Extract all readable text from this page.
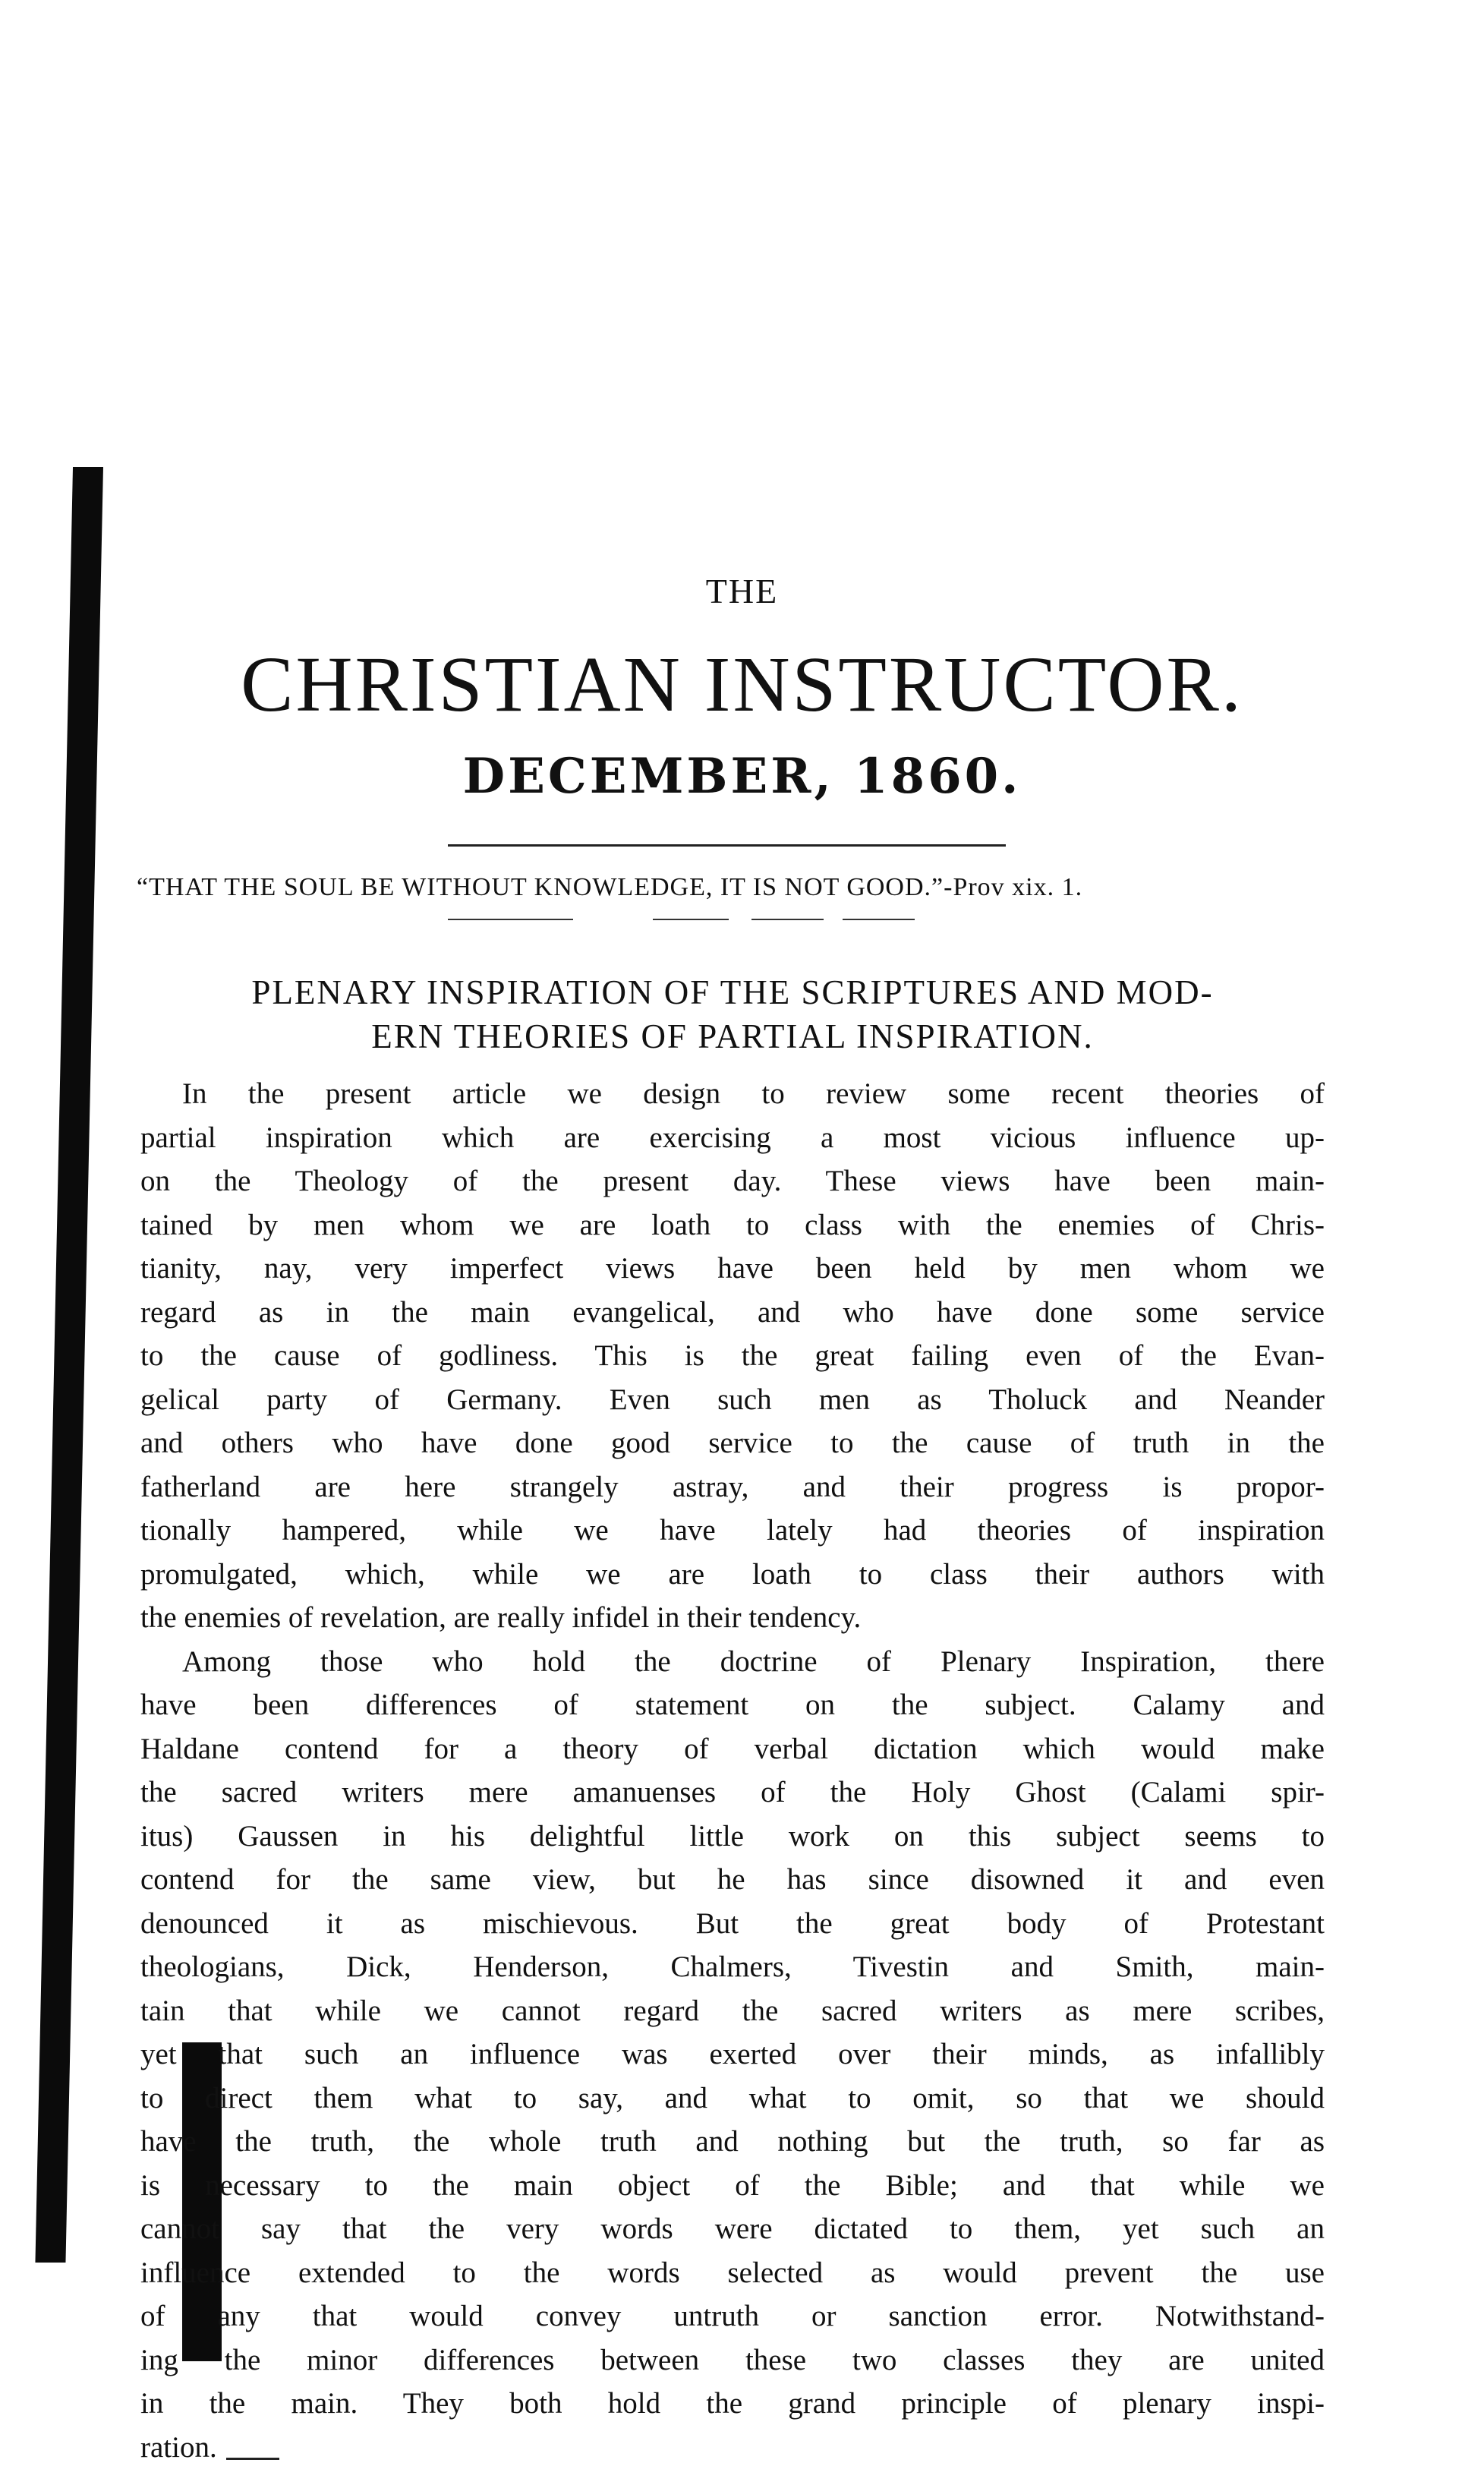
THE
CHRISTIAN INSTRUCTOR.
DECEMBER, 1860.
“THAT THE SOUL BE WITHOUT KNOWLEDGE, IT IS NOT GOOD.”-Prov xix. 1.
PLENARY INSPIRATION OF THE SCRIPTURES AND MOD-
ERN THEORIES OF PARTIAL INSPIRATION.
In the present article we design to review some recent theories of
partial inspiration which are exercising a most vicious influence up-
on the Theology of the present day. These views have been main-
tained by men whom we are loath to class with the enemies of Chris-
tianity, nay, very imperfect views have been held by men whom we
regard as in the main evangelical, and who have done some service
to the cause of godliness. This is the great failing even of the Evan-
gelical party of Germany. Even such men as Tholuck and Neander
and others who have done good service to the cause of truth in the
fatherland are here strangely astray, and their progress is propor-
tionally hampered, while we have lately had theories of inspiration
promulgated, which, while we are loath to class their authors with
the enemies of revelation, are really infidel in their tendency.
Among those who hold the doctrine of Plenary Inspiration, there
have been differences of statement on the subject. Calamy and
Haldane contend for a theory of verbal dictation which would make
the sacred writers mere amanuenses of the Holy Ghost (Calami spir-
itus) Gaussen in his delightful little work on this subject seems to
contend for the same view, but he has since disowned it and even
denounced it as mischievous. But the great body of Protestant
theologians, Dick, Henderson, Chalmers, Tivestin and Smith, main-
tain that while we cannot regard the sacred writers as mere scribes,
yet that such an influence was exerted over their minds, as infallibly
to direct them what to say, and what to omit, so that we should
have the truth, the whole truth and nothing but the truth, so far as
is necessary to the main object of the Bible; and that while we
cannot say that the very words were dictated to them, yet such an
influence extended to the words selected as would prevent the use
of any that would convey untruth or sanction error. Notwithstand-
ing the minor differences between these two classes they are united
in the main. They both hold the grand principle of plenary inspi-
ration.
